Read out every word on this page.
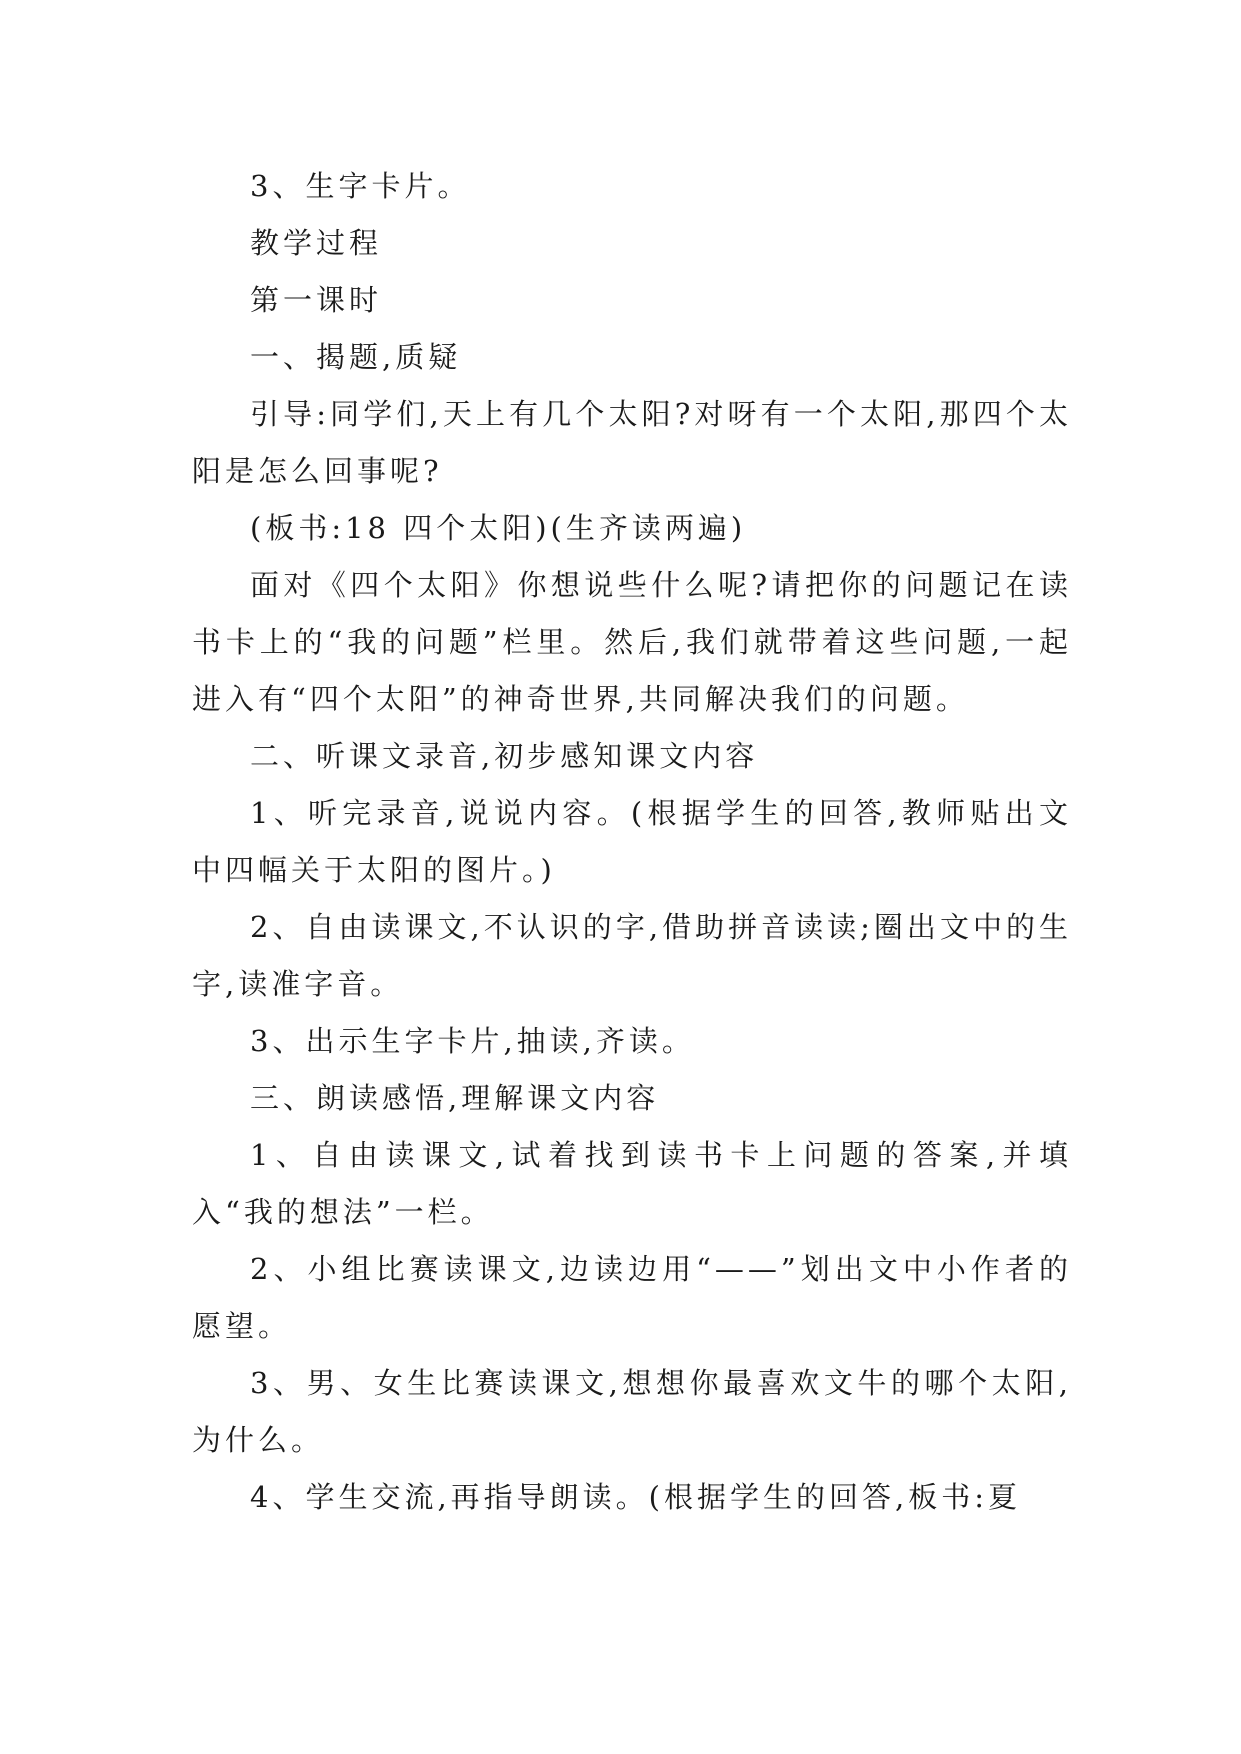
3、生字卡片。

教学过程

第一课时

一、揭题,质疑

引导:同学们,天上有几个太阳?对呀有一个太阳,那四个太阳是怎么回事呢?

(板书:18 四个太阳)(生齐读两遍)

面对《四个太阳》你想说些什么呢?请把你的问题记在读书卡上的“我的问题”栏里。然后,我们就带着这些问题,一起进入有“四个太阳”的神奇世界,共同解决我们的问题。

二、听课文录音,初步感知课文内容

1、听完录音,说说内容。(根据学生的回答,教师贴出文中四幅关于太阳的图片。)

2、自由读课文,不认识的字,借助拼音读读;圈出文中的生字,读准字音。

3、出示生字卡片,抽读,齐读。

三、朗读感悟,理解课文内容

1、自由读课文,试着找到读书卡上问题的答案,并填入“我的想法”一栏。

2、小组比赛读课文,边读边用“——”划出文中小作者的愿望。

3、男、女生比赛读课文,想想你最喜欢文牛的哪个太阳,为什么。

4、学生交流,再指导朗读。(根据学生的回答,板书:夏
